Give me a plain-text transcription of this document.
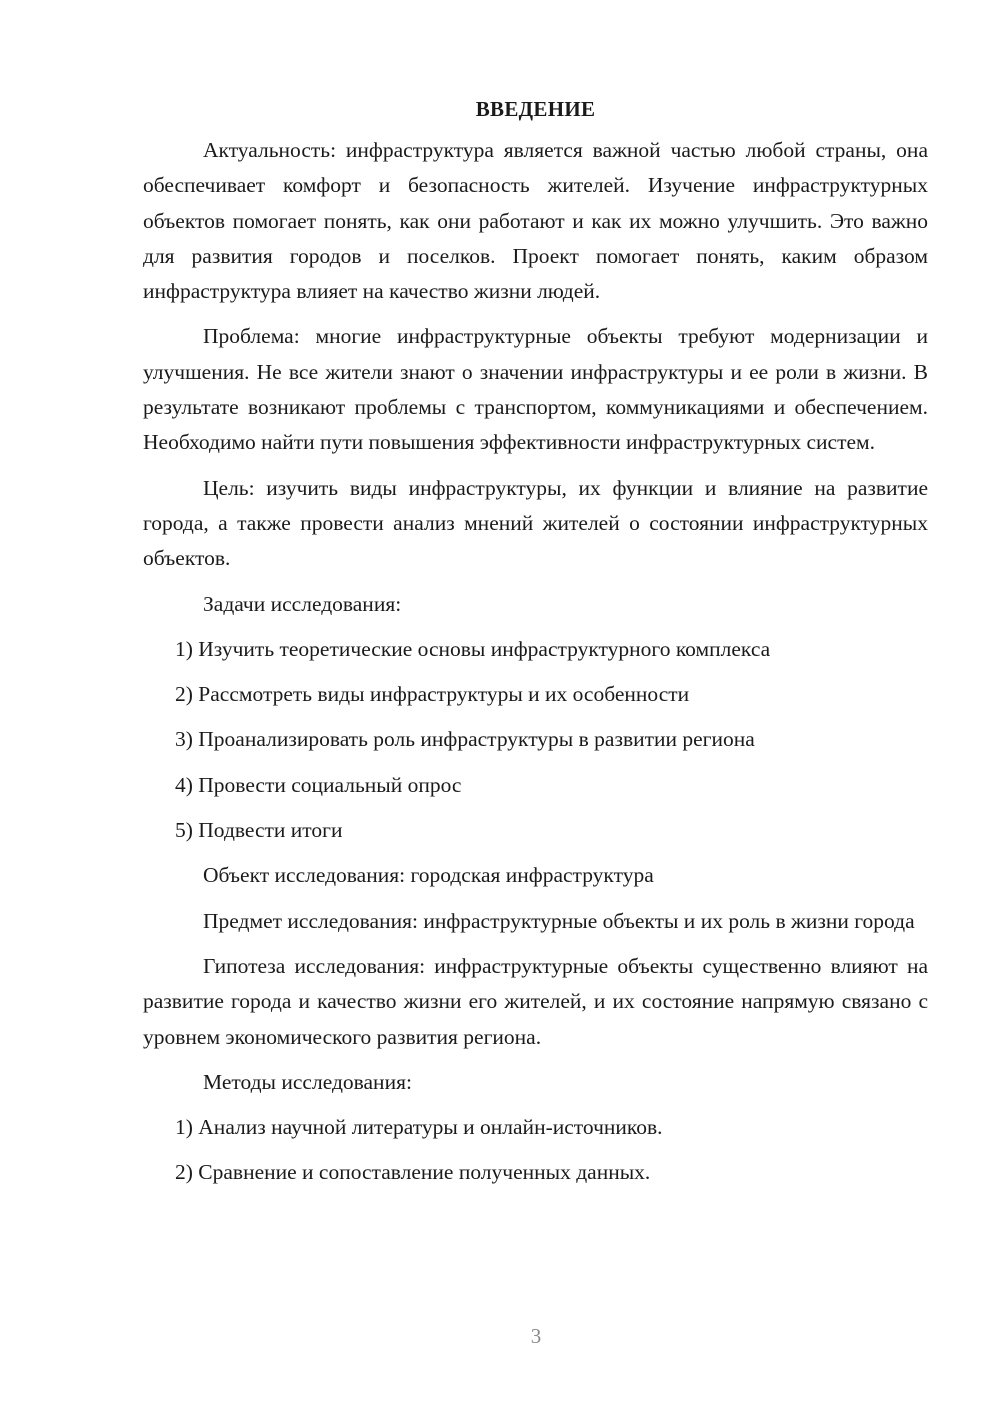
ВВЕДЕНИЕ

Актуальность: инфраструктура является важной частью любой страны, она обеспечивает комфорт и безопасность жителей. Изучение инфраструктурных объектов помогает понять, как они работают и как их можно улучшить. Это важно для развития городов и поселков. Проект помогает понять, каким образом инфраструктура влияет на качество жизни людей.

Проблема: многие инфраструктурные объекты требуют модернизации и улучшения. Не все жители знают о значении инфраструктуры и ее роли в жизни. В результате возникают проблемы с транспортом, коммуникациями и обеспечением. Необходимо найти пути повышения эффективности инфраструктурных систем.

Цель: изучить виды инфраструктуры, их функции и влияние на развитие города, а также провести анализ мнений жителей о состоянии инфраструктурных объектов.

Задачи исследования:

1) Изучить теоретические основы инфраструктурного комплекса

2) Рассмотреть виды инфраструктуры и их особенности

3) Проанализировать роль инфраструктуры в развитии региона

4) Провести социальный опрос

5) Подвести итоги

Объект исследования: городская инфраструктура

Предмет исследования: инфраструктурные объекты и их роль в жизни города

Гипотеза исследования: инфраструктурные объекты существенно влияют на развитие города и качество жизни его жителей, и их состояние напрямую связано с уровнем экономического развития региона.

Методы исследования:

1) Анализ научной литературы и онлайн-источников.

2) Сравнение и сопоставление полученных данных.

3
